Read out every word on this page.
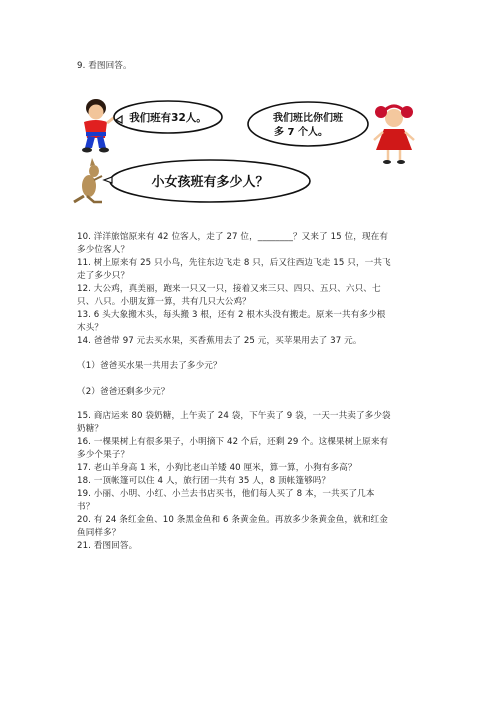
9. 看图回答。
我们班有32人。	我们班比你们班
多 7 个人。
小女孩班有多少人？
10. 洋洋旅馆原来有 42 位客人，走了 27 位，________？又来了 15 位，现在有
多少位客人？
11. 树上原来有 25 只小鸟，先往东边飞走 8 只，后又往西边飞走 15 只，一共飞
走了多少只？
12. 大公鸡，真美丽，跑来一只又一只，接着又来三只、四只、五只、六只、七
只、八只。小朋友算一算，共有几只大公鸡？
13. 6 头大象搬木头，每头搬 3 根，还有 2 根木头没有搬走。原来一共有多少根
木头？
14. 爸爸带 97 元去买水果，买香蕉用去了 25 元，买苹果用去了 37 元。
（1）爸爸买水果一共用去了多少元？
（2）爸爸还剩多少元？
15. 商店运来 80 袋奶糖，上午卖了 24 袋，下午卖了 9 袋，一天一共卖了多少袋
奶糖？
16. 一棵果树上有很多果子，小明摘下 42 个后，还剩 29 个。这棵果树上原来有
多少个果子？
17. 老山羊身高 1 米，小狗比老山羊矮 40 厘米，算一算，小狗有多高？
18. 一顶帐篷可以住 4 人，旅行团一共有 35 人，8 顶帐篷够吗？
19. 小丽、小明、小红、小兰去书店买书，他们每人买了 8 本，一共买了几本
书？
20. 有 24 条红金鱼、10 条黑金鱼和 6 条黄金鱼。再放多少条黄金鱼，就和红金
鱼同样多？
21. 看图回答。
